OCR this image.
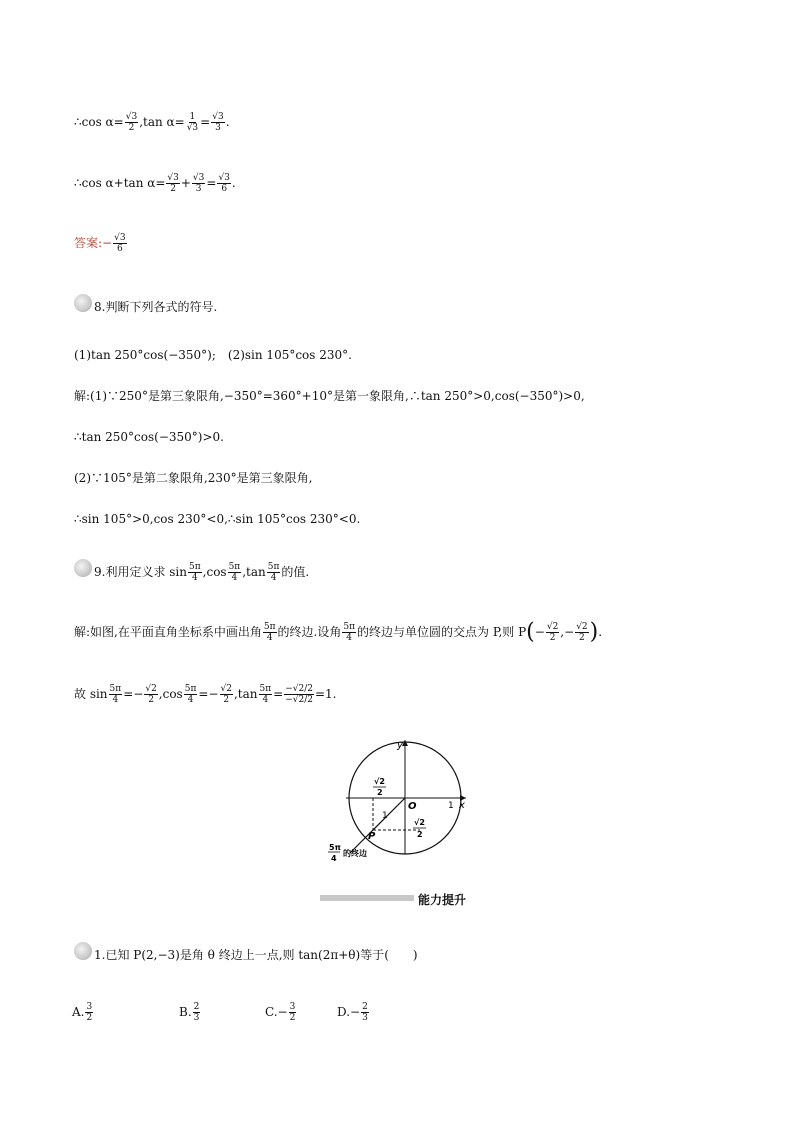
∴cos $\alpha= \frac{√3}{2} ,\tan$ $\alpha= \frac{1}{√3} = \frac{√3}{3}$ .
∴cos α+tan $\alpha= \frac{√3}{2} + \frac{√3}{3} = \frac{√3}{6}$ .
答案:− $\frac{√3}{6}$
8.判断下列各式的符号.
(1)tan 250°cos(−350°);　(2)sin 105°cos 230°.
解:(1)∵250°是第三象限角,−350°=360°+10°是第一象限角,∴tan 250°>0,cos(−350°)>0,
∴tan 250°cos(−350°)>0.
(2)∵105°是第二象限角,230°是第三象限角,
∴sin 105°>0,cos 230°<0,∴sin 105°cos 230°<0.
9.利用定义求 $\sin \frac{5\pi}{4} ,\cos \frac{5\pi}{4} ,\tan \frac{5\pi}{4}$ 的值.
解:如图,在平面直角坐标系中画出角 $\frac{5\pi}{4}$ 的终边.设角 $\frac{5\pi}{4}$ 的终边与单位圆的交点为 P,则 $P(- \frac{√2}{2}$ ,− $\frac{√2}{2}$ ).
故 $\sin \frac{5\pi}{4} =- \frac{√2}{2} ,\cos \frac{5\pi}{4} =- \frac{√2}{2} ,\tan \frac{5\pi}{4} = \frac{-√2/2}{-√2/2} =1$.
y
x
O	1
1
P
√2
2
√2
2
5π
4
的终边
能力提升
1.已知 P(2,−3)是角 θ 终边上一点,则 tan(2π+θ)等于(　　)
A. $\frac{3}{2}$	B. $\frac{2}{3}$	$C.- \frac{3}{2}$	$D.- \frac{2}{3}$
